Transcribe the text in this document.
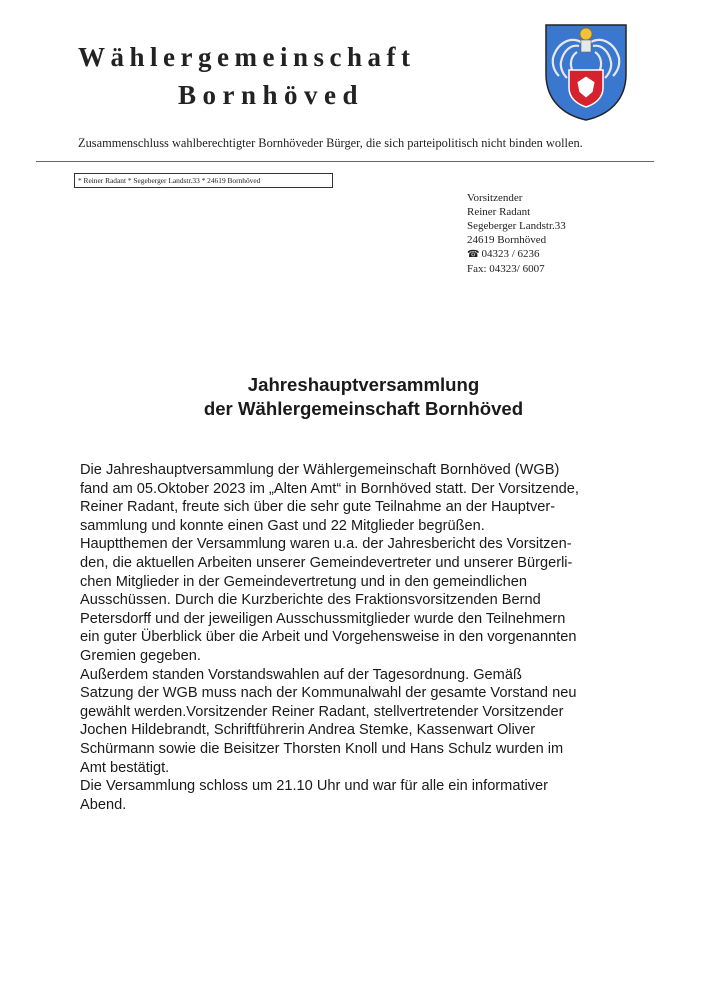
Wählergemeinschaft
Bornhöved
Zusammenschluss wahlberechtigter Bornhöveder Bürger, die sich parteipolitisch nicht binden wollen.
* Reiner Radant * Segeberger Landstr.33 * 24619 Bornhöved
Vorsitzender
Reiner Radant
Segeberger Landstr.33
24619 Bornhöved
☎ 04323 / 6236
Fax: 04323/ 6007
Jahreshauptversammlung
der Wählergemeinschaft Bornhöved
Die Jahreshauptversammlung der Wählergemeinschaft Bornhöved (WGB)
fand am 05.Oktober 2023 im „Alten Amt“ in Bornhöved statt. Der Vorsitzende,
Reiner Radant, freute sich über die sehr gute Teilnahme an der Hauptver-
sammlung und konnte einen Gast und 22 Mitglieder begrüßen.
Hauptthemen der Versammlung waren u.a. der Jahresbericht des Vorsitzen-
den, die aktuellen Arbeiten unserer Gemeindevertreter und unserer Bürgerli-
chen Mitglieder in der Gemeindevertretung und in den gemeindlichen
Ausschüssen. Durch die Kurzberichte des Fraktionsvorsitzenden Bernd
Petersdorff und der jeweiligen Ausschussmitglieder wurde den Teilnehmern
ein guter Überblick über die Arbeit und Vorgehensweise in den vorgenannten
Gremien gegeben.
Außerdem standen Vorstandswahlen auf der Tagesordnung. Gemäß
Satzung der WGB muss nach der Kommunalwahl der gesamte Vorstand neu
gewählt werden.Vorsitzender Reiner Radant, stellvertretender Vorsitzender
Jochen Hildebrandt, Schriftführerin Andrea Stemke, Kassenwart Oliver
Schürmann sowie die Beisitzer Thorsten Knoll und Hans Schulz wurden im
Amt bestätigt.
Die Versammlung schloss um 21.10 Uhr und war für alle ein informativer
Abend.
